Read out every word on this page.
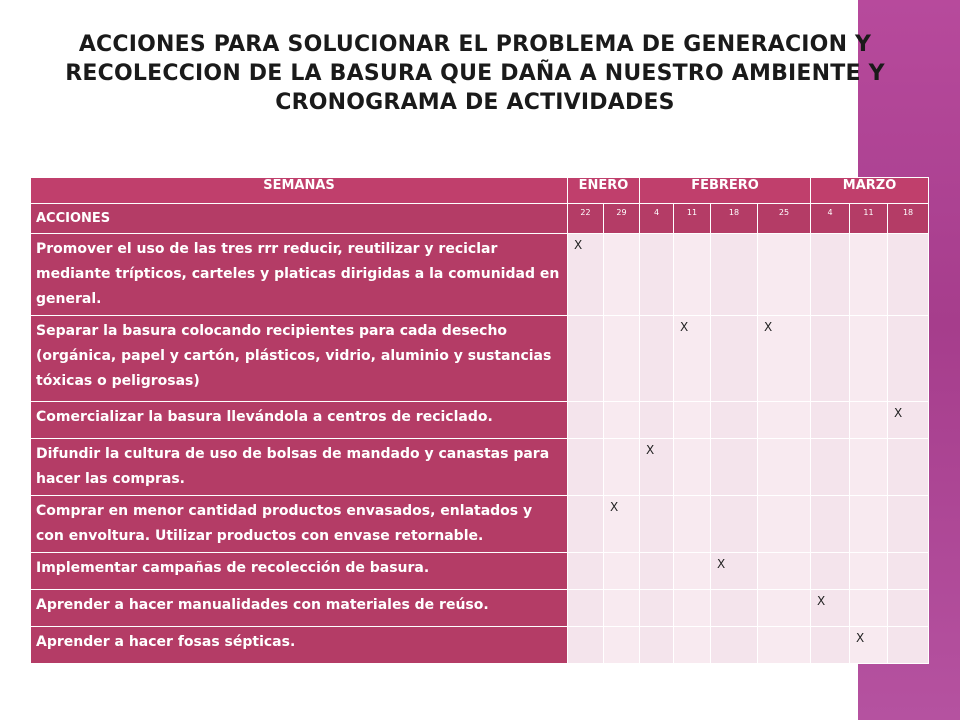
ACCIONES PARA SOLUCIONAR EL PROBLEMA DE GENERACION Y
RECOLECCION DE LA BASURA QUE DAÑA A NUESTRO AMBIENTE Y
CRONOGRAMA DE ACTIVIDADES
SEMANAS	ENERO		FEBRERO				MARZO		
ACCIONES	22	29	4	11	18	25	4	11	18
Promover el uso de las tres rrr reducir, reutilizar y reciclar mediante trípticos, carteles y platicas dirigidas a la comunidad en general.	X								

Separar la basura colocando recipientes para cada desecho (orgánica, papel y cartón, plásticos, vidrio, aluminio y sustancias tóxicas o peligrosas)				X		X			

Comercializar la basura llevándola a centros de reciclado.									X

Difundir la cultura de uso de bolsas de mandado y canastas para hacer las compras.			X						

Comprar en menor cantidad productos envasados, enlatados y con envoltura. Utilizar productos con envase retornable.		X							

Implementar campañas de recolección de basura.					X				

Aprender a hacer manualidades con materiales de reúso.							X		

Aprender a hacer fosas sépticas.								X	
